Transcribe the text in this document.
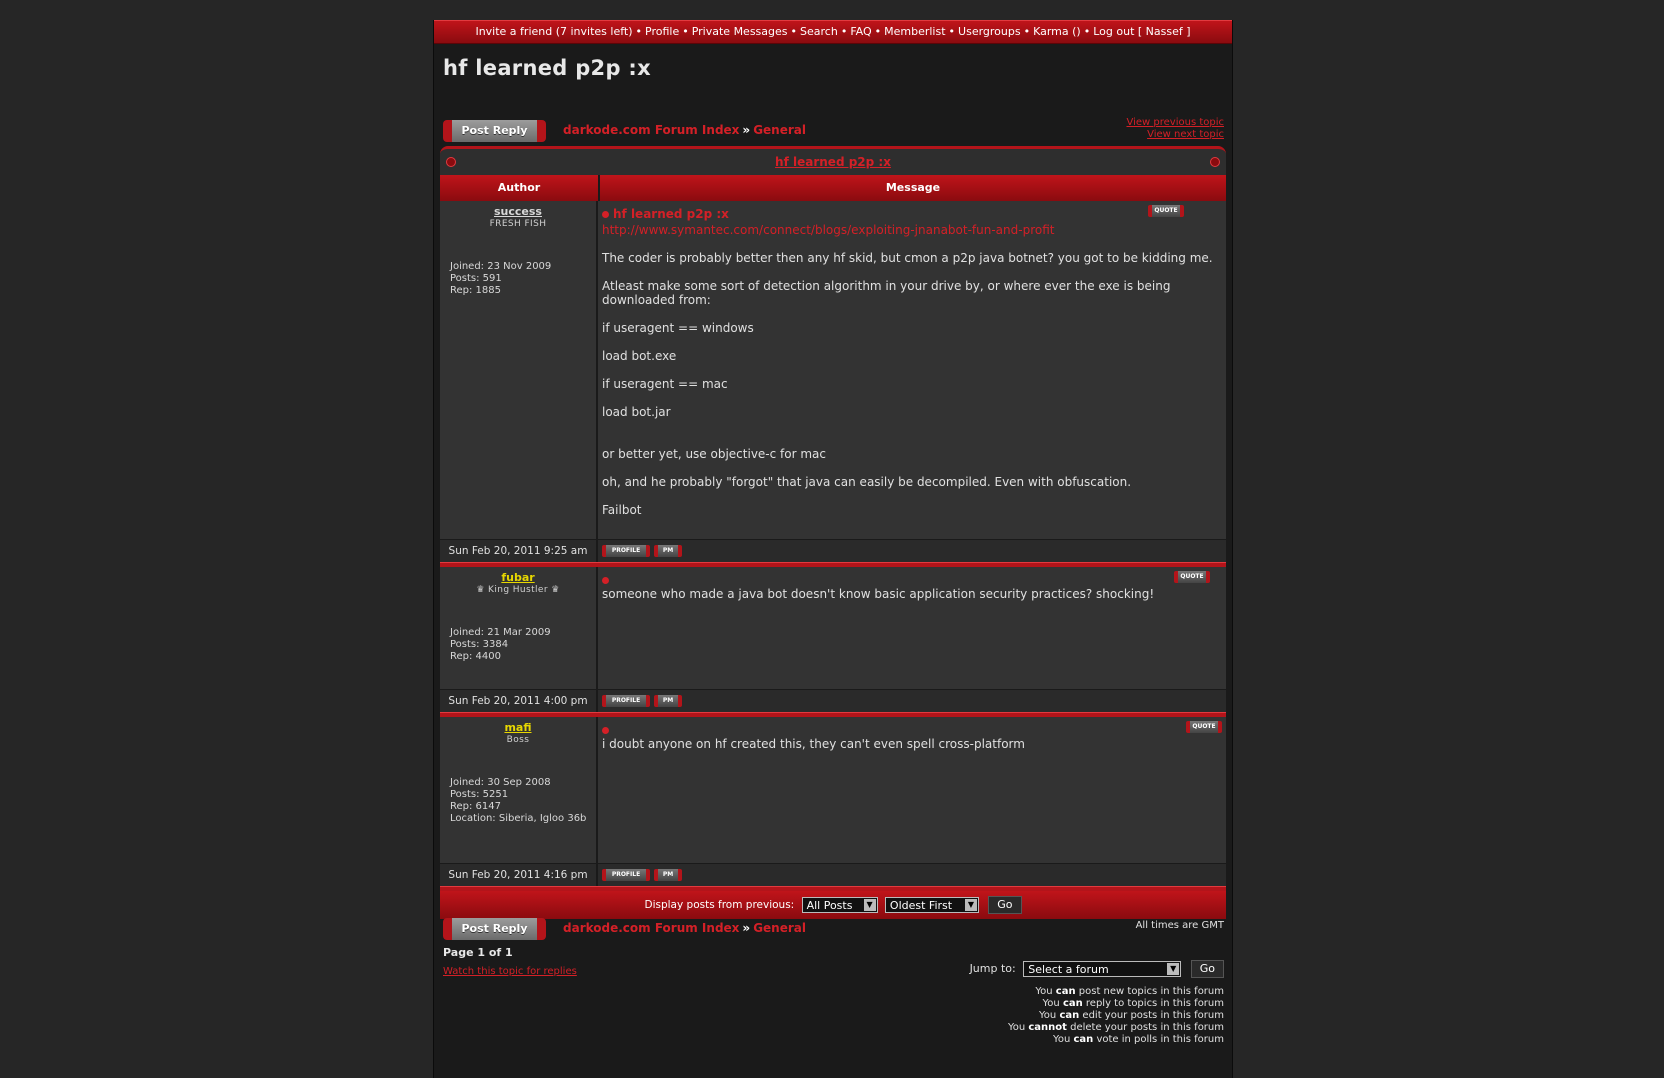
Invite a friend (7 invites left) • Profile • Private Messages • Search • FAQ • Memberlist • Usergroups • Karma () • Log out [ Nassef ]
hf learned p2p :x
Post Reply	darkode.com Forum Index » General
View previous topic
View next topic
hf learned p2p :x
Author	Message
success
FRESH FISH
Joined: 23 Nov 2009
Posts: 591
Rep: 1885
QUOTE
hf learned p2p :x

http://www.symantec.com/connect/blogs/exploiting-jnanabot-fun-and-profit

The coder is probably better then any hf skid, but cmon a p2p java botnet? you got to be kidding me.

Atleast make some sort of detection algorithm in your drive by, or where ever the exe is being downloaded from:

if useragent == windows

load bot.exe

if useragent == mac

load bot.jar

or better yet, use objective-c for mac

oh, and he probably "forgot" that java can easily be decompiled. Even with obfuscation.

Failbot

Sun Feb 20, 2011 9:25 am	PROFILE	PM
fubar
♛ King Hustler ♛
Joined: 21 Mar 2009
Posts: 3384
Rep: 4400
QUOTE
someone who made a java bot doesn't know basic application security practices? shocking!
Sun Feb 20, 2011 4:00 pm	PROFILE	PM
mafi
Boss
Joined: 30 Sep 2008
Posts: 5251
Rep: 6147
Location: Siberia, Igloo 36b
QUOTE
i doubt anyone on hf created this, they can't even spell cross-platform
Sun Feb 20, 2011 4:16 pm	PROFILE	PM
Display posts from previous: All Posts	▼ Oldest First	▼ Go
Post Reply	darkode.com Forum Index » General	All times are GMT
Page 1 of 1
Watch this topic for replies	Jump to: Select a forum	▼ Go
You can post new topics in this forum
You can reply to topics in this forum
You can edit your posts in this forum
You cannot delete your posts in this forum
You can vote in polls in this forum
